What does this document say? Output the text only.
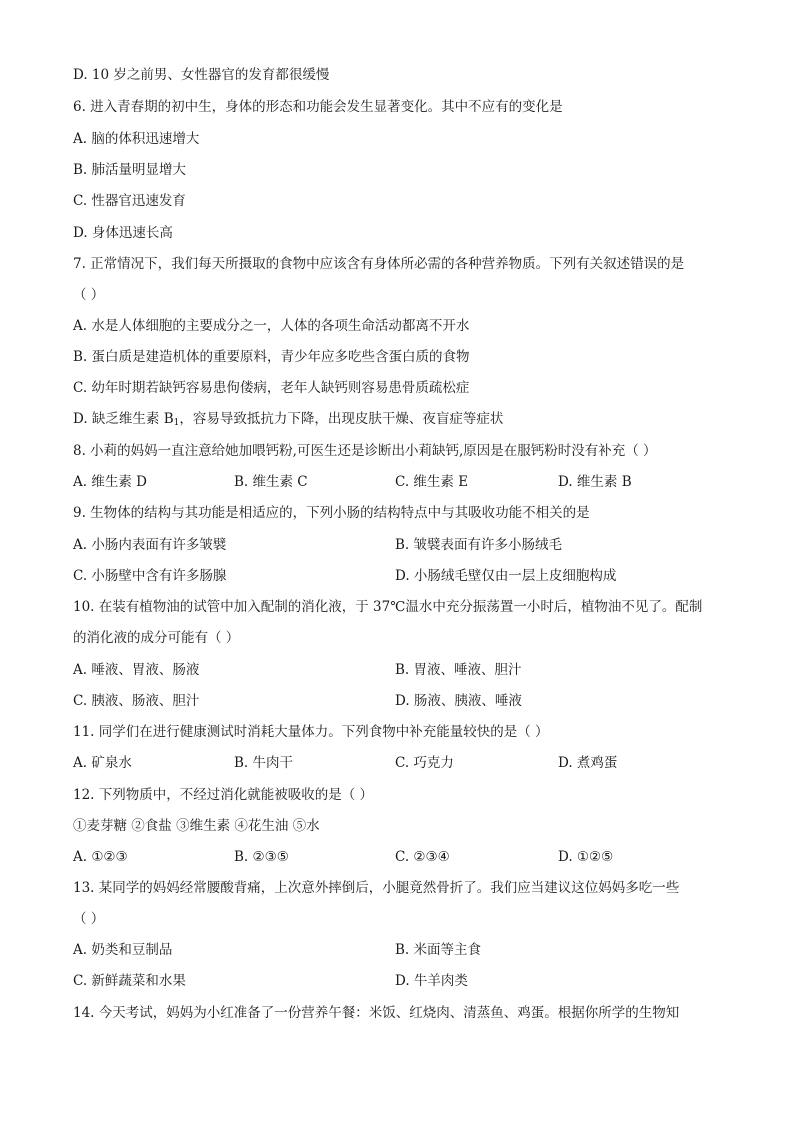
D. 10 岁之前男、女性器官的发育都很缓慢
6. 进入青春期的初中生，身体的形态和功能会发生显著变化。其中不应有的变化是
A. 脑的体积迅速增大
B. 肺活量明显增大
C. 性器官迅速发育
D. 身体迅速长高
7. 正常情况下，我们每天所摄取的食物中应该含有身体所必需的各种营养物质。下列有关叙述错误的是
（ ）
A. 水是人体细胞的主要成分之一，人体的各项生命活动都离不开水
B. 蛋白质是建造机体的重要原料，青少年应多吃些含蛋白质的食物
C. 幼年时期若缺钙容易患佝偻病，老年人缺钙则容易患骨质疏松症
D. 缺乏维生素 $B_1$，容易导致抵抗力下降，出现皮肤干燥、夜盲症等症状
8. 小莉的妈妈一直注意给她加喂钙粉,可医生还是诊断出小莉缺钙,原因是在服钙粉时没有补充（ ）
A. 维生素 D	B. 维生素 C	C. 维生素 E	D. 维生素 B
9. 生物体的结构与其功能是相适应的，下列小肠的结构特点中与其吸收功能不相关的是
A. 小肠内表面有许多皱襞	B. 皱襞表面有许多小肠绒毛
C. 小肠壁中含有许多肠腺	D. 小肠绒毛壁仅由一层上皮细胞构成
10. 在装有植物油的试管中加入配制的消化液，于 37℃温水中充分振荡置一小时后，植物油不见了。配制
的消化液的成分可能有（ ）
A. 唾液、胃液、肠液	B. 胃液、唾液、胆汁
C. 胰液、肠液、胆汁	D. 肠液、胰液、唾液
11. 同学们在进行健康测试时消耗大量体力。下列食物中补充能量较快的是（ ）
A. 矿泉水	B. 牛肉干	C. 巧克力	D. 煮鸡蛋
12. 下列物质中，不经过消化就能被吸收的是（ ）
①麦芽糖 ②食盐 ③维生素 ④花生油 ⑤水
A. ①②③	B. ②③⑤	C. ②③④	D. ①②⑤
13. 某同学的妈妈经常腰酸背痛，上次意外摔倒后，小腿竟然骨折了。我们应当建议这位妈妈多吃一些
（ ）
A. 奶类和豆制品	B. 米面等主食
C. 新鲜蔬菜和水果	D. 牛羊肉类
14. 今天考试，妈妈为小红准备了一份营养午餐：米饭、红烧肉、清蒸鱼、鸡蛋。根据你所学的生物知
